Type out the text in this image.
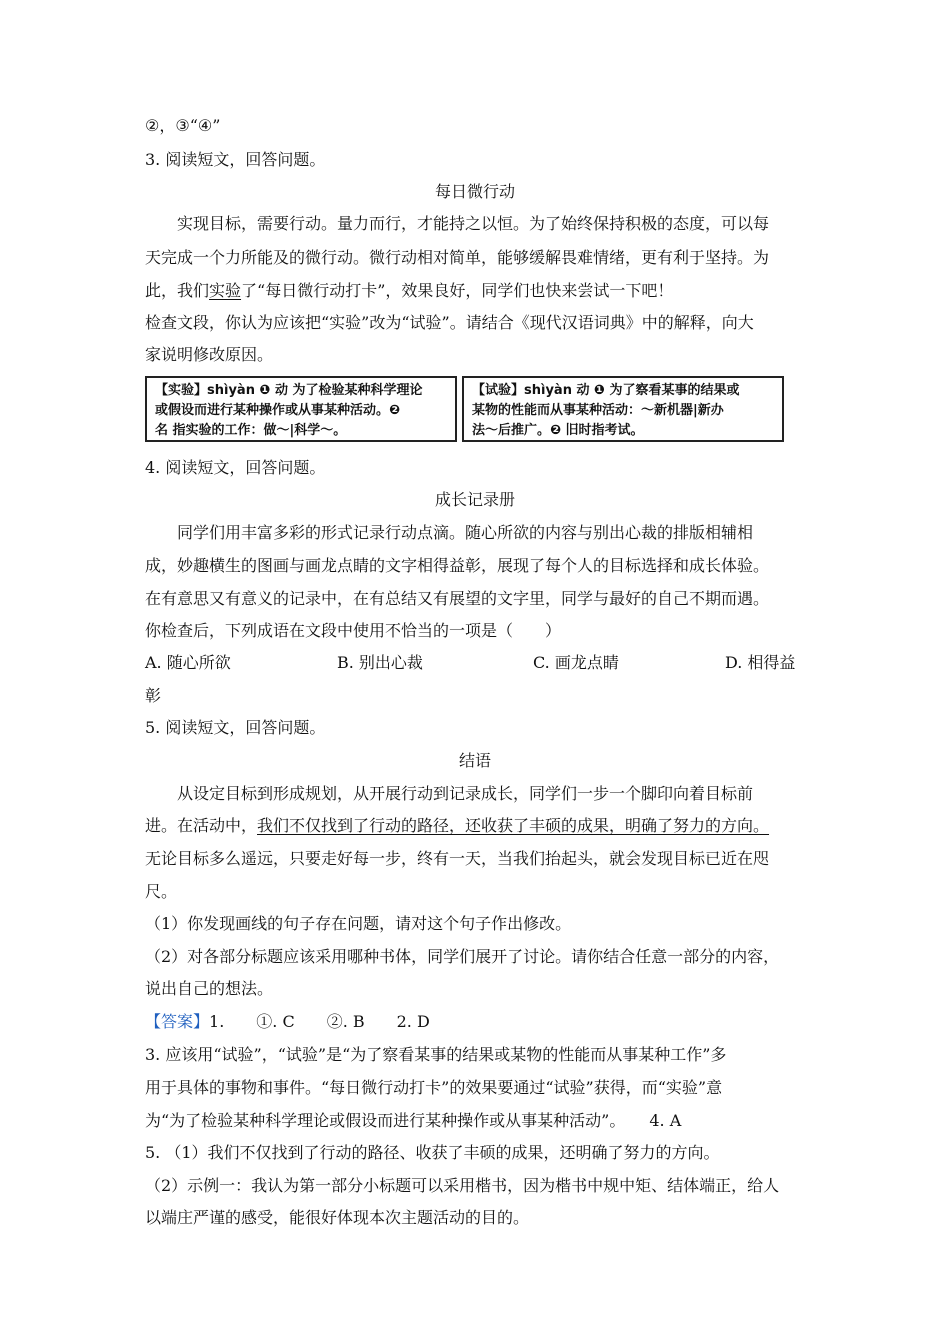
②，③“④”
3. 阅读短文，回答问题。
每日微行动
实现目标，需要行动。量力而行，才能持之以恒。为了始终保持积极的态度，可以每
天完成一个力所能及的微行动。微行动相对简单，能够缓解畏难情绪，更有利于坚持。为
此，我们实验了“每日微行动打卡”，效果良好，同学们也快来尝试一下吧！
检查文段，你认为应该把“实验”改为“试验”。请结合《现代汉语词典》中的解释，向大
家说明修改原因。
【实验】shìyàn ❶ 动 为了检验某种科学理论
或假设而进行某种操作或从事某种活动。❷
名 指实验的工作：做～|科学～。
【试验】shìyàn 动 ❶ 为了察看某事的结果或
某物的性能而从事某种活动：～新机器|新办
法～后推广。❷ 旧时指考试。
4. 阅读短文，回答问题。
成长记录册
同学们用丰富多彩的形式记录行动点滴。随心所欲的内容与别出心裁的排版相辅相
成，妙趣横生的图画与画龙点睛的文字相得益彰，展现了每个人的目标选择和成长体验。
在有意思又有意义的记录中，在有总结又有展望的文字里，同学与最好的自己不期而遇。
你检查后，下列成语在文段中使用不恰当的一项是（　　）
A. 随心所欲	B. 别出心裁	C. 画龙点睛	D. 相得益
彰
5. 阅读短文，回答问题。
结语
从设定目标到形成规划，从开展行动到记录成长，同学们一步一个脚印向着目标前
进。在活动中，我们不仅找到了行动的路径，还收获了丰硕的成果，明确了努力的方向。
无论目标多么遥远，只要走好每一步，终有一天，当我们抬起头，就会发现目标已近在咫
尺。
（1）你发现画线的句子存在问题，请对这个句子作出修改。
（2）对各部分标题应该采用哪种书体，同学们展开了讨论。请你结合任意一部分的内容，
说出自己的想法。
【答案】1.　　①. C　　②. B　　2. D
3. 应该用“试验”，“试验”是“为了察看某事的结果或某物的性能而从事某种工作”多
用于具体的事物和事件。“每日微行动打卡”的效果要通过“试验”获得，而“实验”意
为“为了检验某种科学理论或假设而进行某种操作或从事某种活动”。　　4. A
5. （1）我们不仅找到了行动的路径、收获了丰硕的成果，还明确了努力的方向。
（2）示例一：我认为第一部分小标题可以采用楷书，因为楷书中规中矩、结体端正，给人
以端庄严谨的感受，能很好体现本次主题活动的目的。
